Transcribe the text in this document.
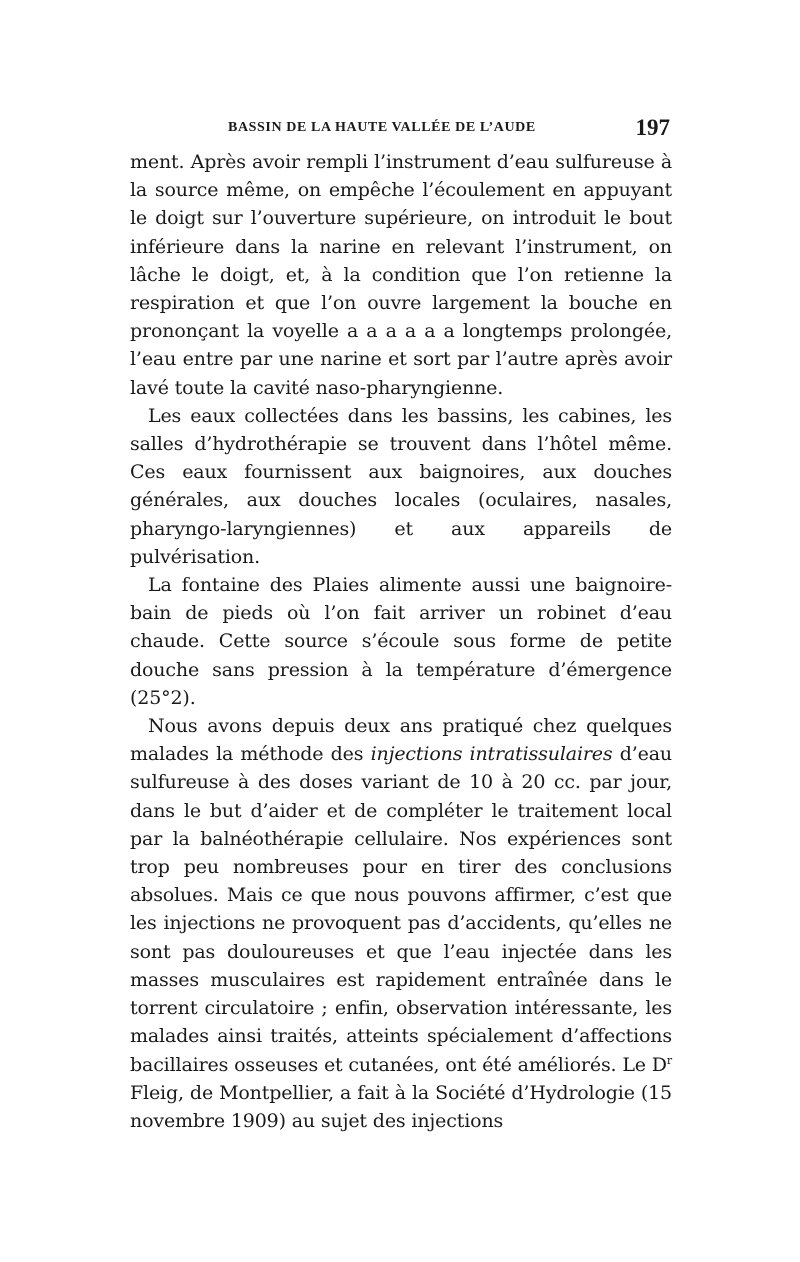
BASSIN DE LA HAUTE VALLÉE DE L’AUDE	197

ment. Après avoir rempli l’instrument d’eau sulfureuse à la source même, on empêche l’écoulement en appuyant le doigt sur l’ouverture supérieure, on introduit le bout inférieure dans la narine en relevant l’instrument, on lâche le doigt, et, à la condition que l’on retienne la respiration et que l’on ouvre largement la bouche en prononçant la voyelle a a a a a a longtemps prolongée, l’eau entre par une narine et sort par l’autre après avoir lavé toute la cavité naso-pharyngienne.

Les eaux collectées dans les bassins, les cabines, les salles d’hydrothérapie se trouvent dans l’hôtel même. Ces eaux fournissent aux baignoires, aux douches générales, aux douches locales (oculaires, nasales, pharyngo-laryngiennes) et aux appareils de pulvérisation.

La fontaine des Plaies alimente aussi une baignoire-bain de pieds où l’on fait arriver un robinet d’eau chaude. Cette source s’écoule sous forme de petite douche sans pression à la température d’émergence (25°2).

Nous avons depuis deux ans pratiqué chez quelques malades la méthode des injections intratissulaires d’eau sulfureuse à des doses variant de 10 à 20 cc. par jour, dans le but d’aider et de compléter le traitement local par la balnéothérapie cellulaire. Nos expériences sont trop peu nombreuses pour en tirer des conclusions absolues. Mais ce que nous pouvons affirmer, c’est que les injections ne provoquent pas d’accidents, qu’elles ne sont pas douloureuses et que l’eau injectée dans les masses musculaires est rapidement entraînée dans le torrent circulatoire ; enfin, observation intéressante, les malades ainsi traités, atteints spécialement d’affections bacillaires osseuses et cutanées, ont été améliorés. Le $D^r$ Fleig, de Montpellier, a fait à la Société d’Hydrologie (15 novembre 1909) au sujet des injections
